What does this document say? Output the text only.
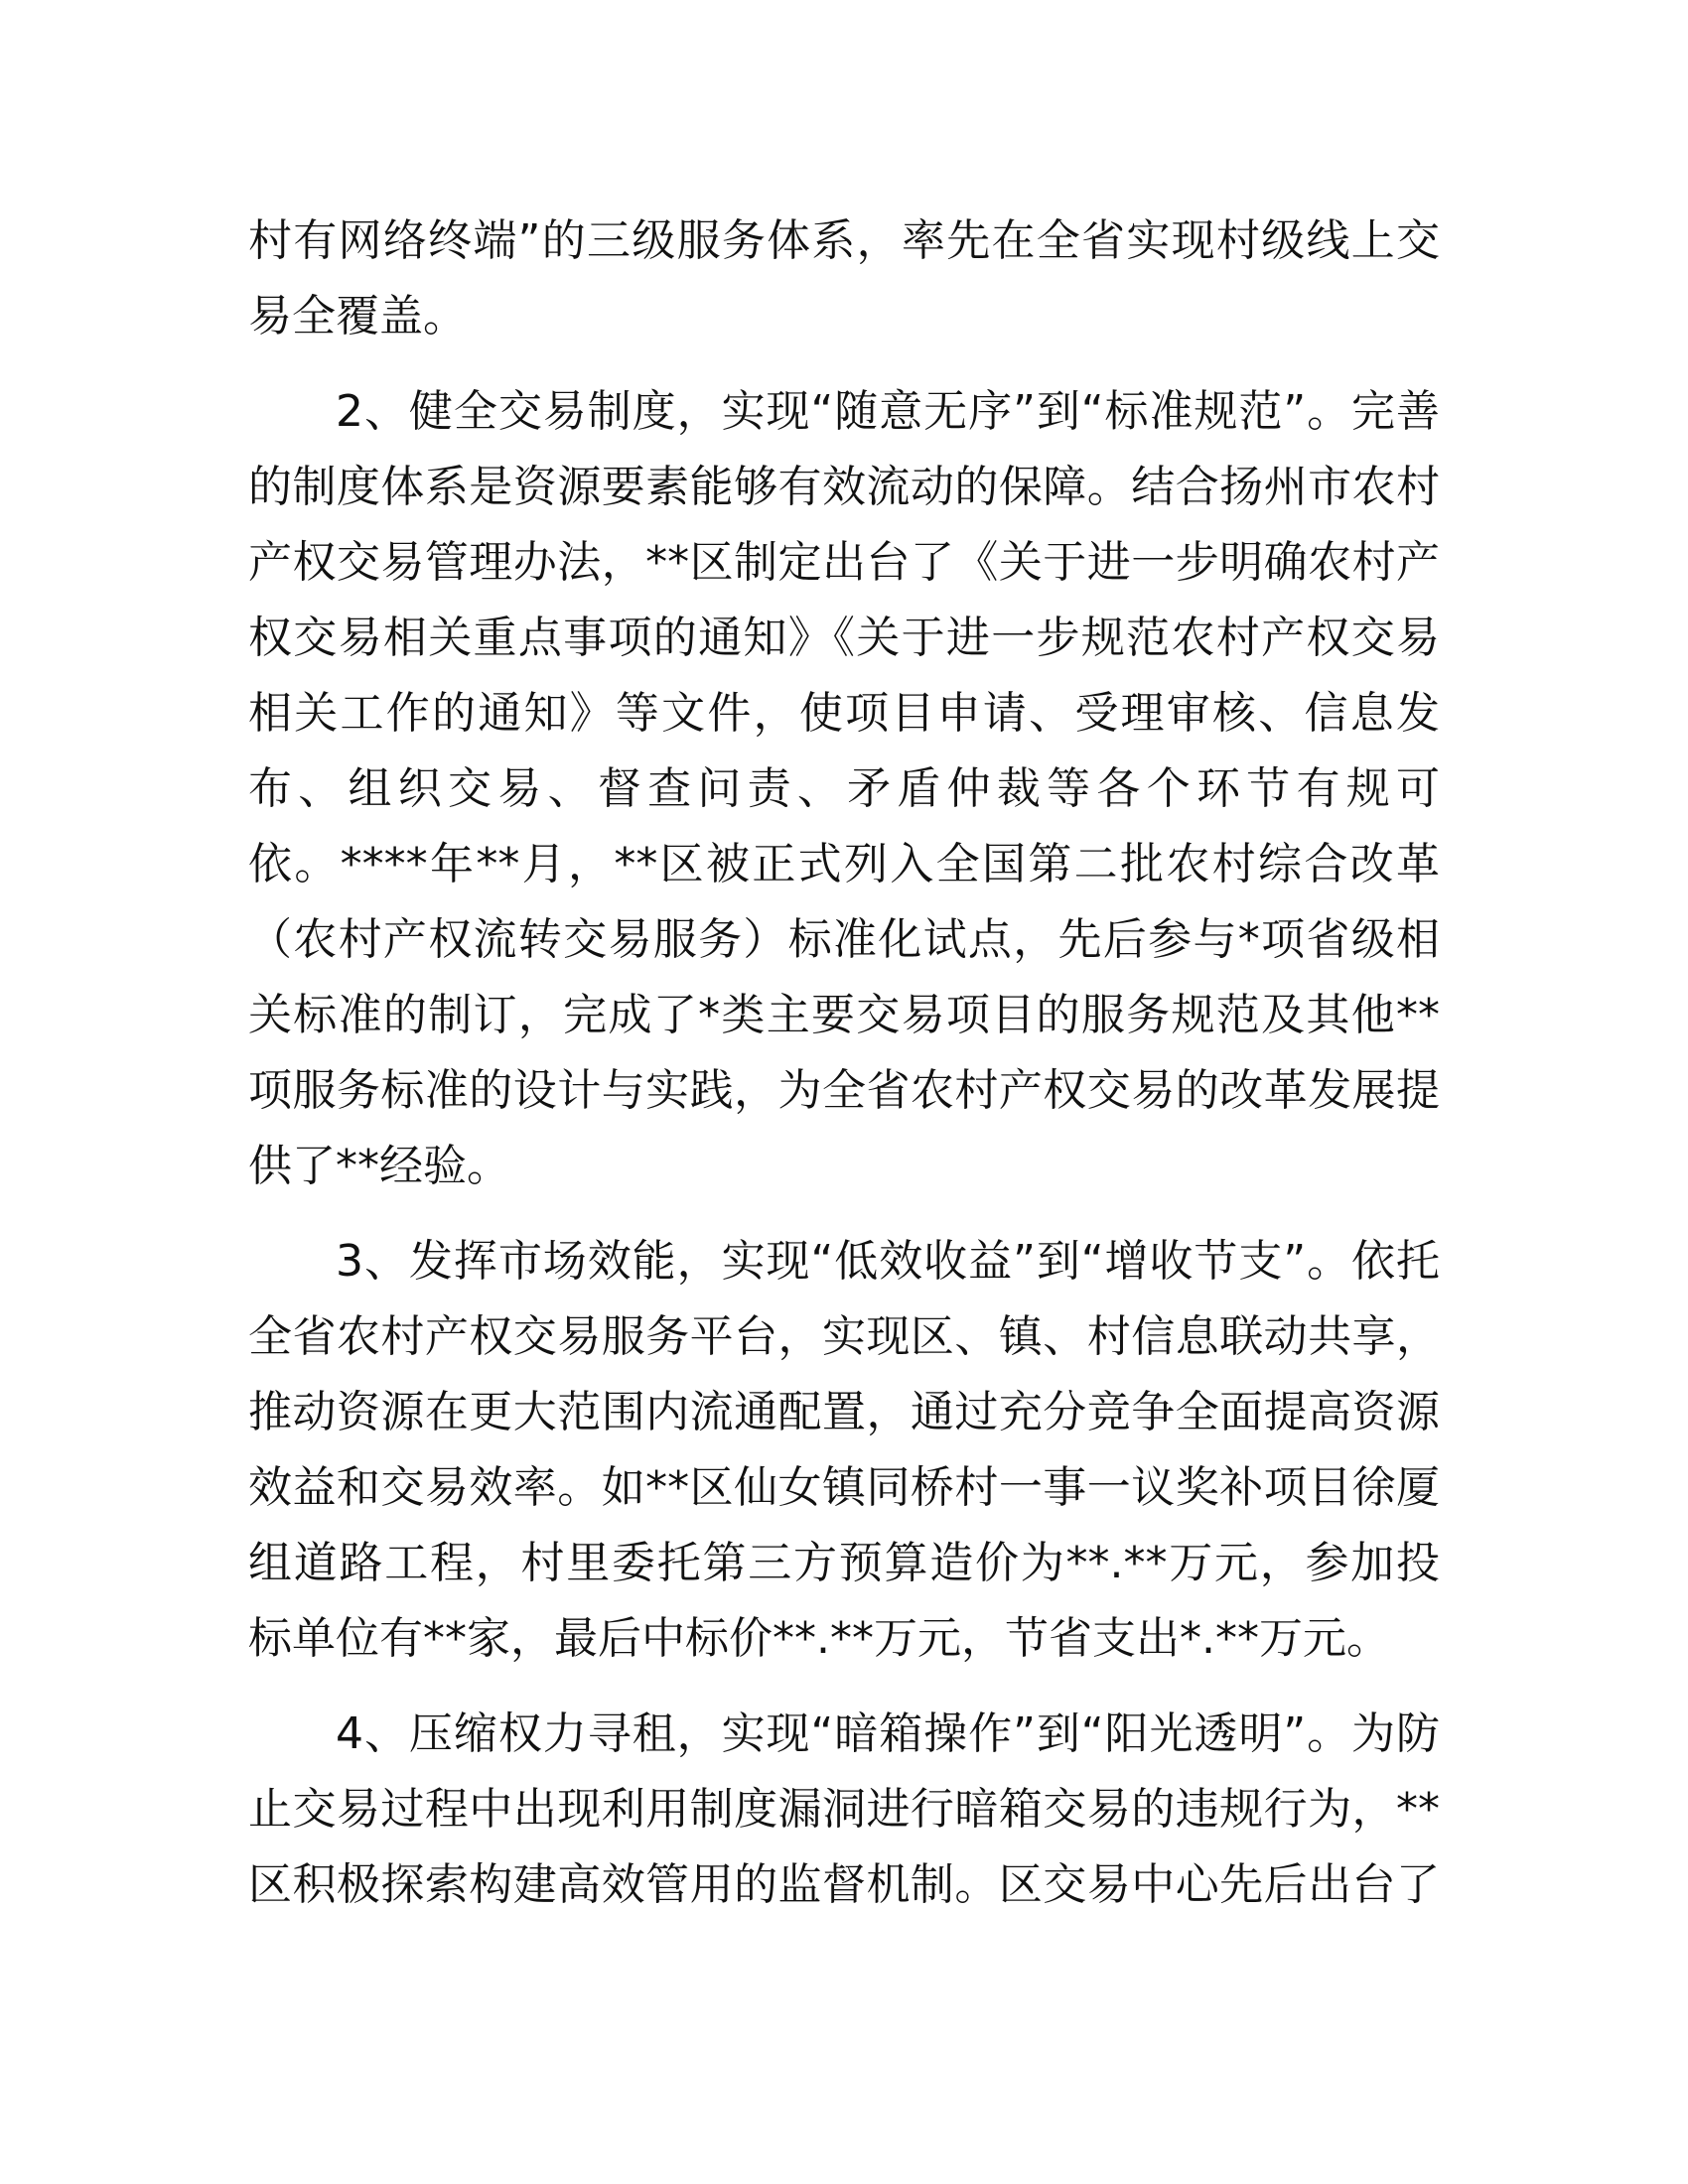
村有网络终端”的三级服务体系，率先在全省实现村级线上交
易全覆盖。
2、健全交易制度，实现“随意无序”到“标准规范”。完善
的制度体系是资源要素能够有效流动的保障。结合扬州市农村
产权交易管理办法，**区制定出台了《关于进一步明确农村产
权交易相关重点事项的通知》《关于进一步规范农村产权交易
相关工作的通知》等文件，使项目申请、受理审核、信息发
布、组织交易、督查问责、矛盾仲裁等各个环节有规可
依。****年**月，**区被正式列入全国第二批农村综合改革
（农村产权流转交易服务）标准化试点，先后参与*项省级相
关标准的制订，完成了*类主要交易项目的服务规范及其他**
项服务标准的设计与实践，为全省农村产权交易的改革发展提
供了**经验。
3、发挥市场效能，实现“低效收益”到“增收节支”。依托
全省农村产权交易服务平台，实现区、镇、村信息联动共享，
推动资源在更大范围内流通配置，通过充分竞争全面提高资源
效益和交易效率。如**区仙女镇同桥村一事一议奖补项目徐厦
组道路工程，村里委托第三方预算造价为**.**万元，参加投
标单位有**家，最后中标价**.**万元，节省支出*.**万元。
4、压缩权力寻租，实现“暗箱操作”到“阳光透明”。为防
止交易过程中出现利用制度漏洞进行暗箱交易的违规行为，**
区积极探索构建高效管用的监督机制。区交易中心先后出台了
